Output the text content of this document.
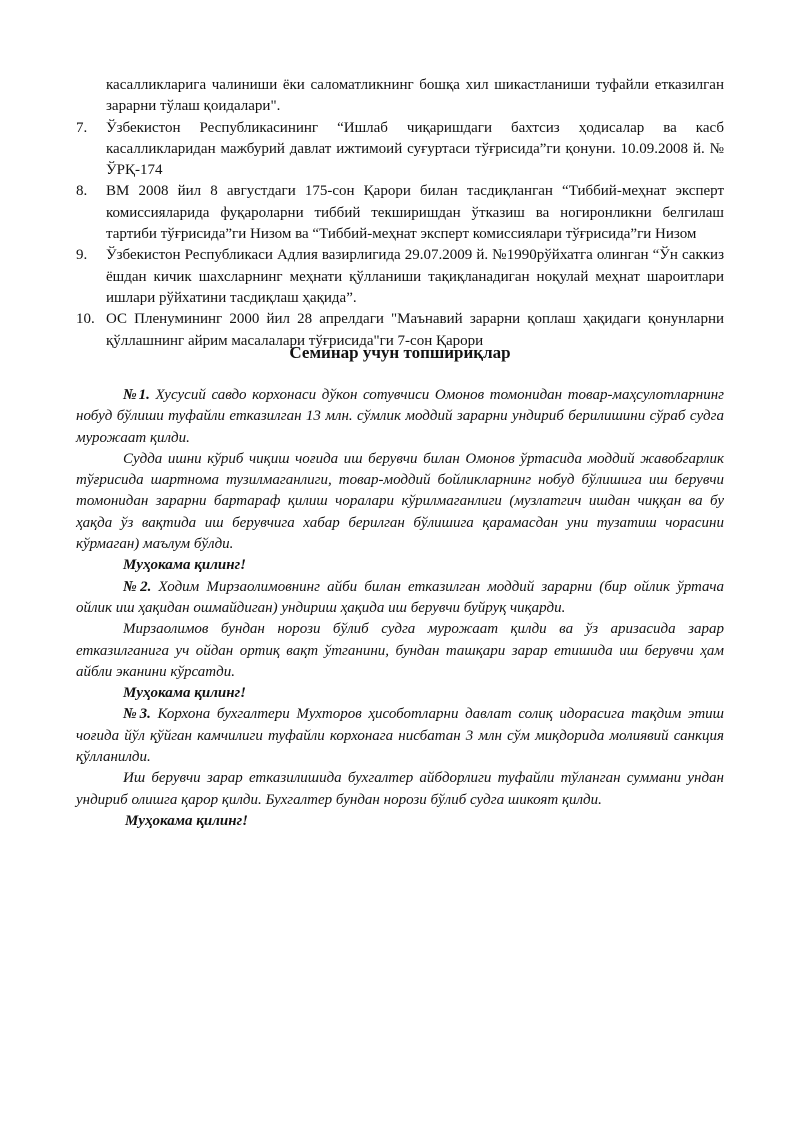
касалликларига чалиниши ёки саломатликнинг бошқа хил шикастланиши туфайли етказилган зарарни тўлаш қоидалари".
7.	Ўзбекистон Республикасининг “Ишлаб чиқаришдаги бахтсиз ҳодисалар ва касб касалликларидан мажбурий давлат ижтимоий суғуртаси тўғрисида”ги қонуни. 10.09.2008 й. № ЎРҚ-174
8.	ВМ 2008 йил 8 августдаги 175-сон Қарори билан тасдиқланган “Тиббий-меҳнат эксперт комиссияларида фуқароларни тиббий текширишдан ўтказиш ва ногиронликни белгилаш тартиби тўғрисида”ги Низом ва “Тиббий-меҳнат эксперт комиссиялари тўғрисида”ги Низом
9.	Ўзбекистон Республикаси Адлия вазирлигида 29.07.2009 й. №1990рўйхатга олинган “Ўн саккиз ёшдан кичик шахсларнинг меҳнати қўлланиши тақиқланадиган ноқулай меҳнат шароитлари ишлари рўйхатини тасдиқлаш ҳақида”.
10. ОС Пленумининг 2000 йил 28 апрелдаги "Маънавий зарарни қоплаш ҳақидаги қонунларни қўллашнинг айрим масалалари тўғрисида"ги 7-сон Қарори
Семинар учун топшириқлар

№1. Хусусий савдо корхонаси дўкон сотувчиси Омонов томонидан товар-маҳсулотларнинг нобуд бўлиши туфайли етказилган 13 млн. сўмлик моддий зарарни ундириб берилишини сўраб судга мурожаат қилди.

Судда ишни кўриб чиқиш чоғида иш берувчи билан Омонов ўртасида моддий жавобгарлик тўғрисида шартнома тузилмаганлиги, товар-моддий бойликларнинг нобуд бўлишига иш берувчи томонидан зарарни бартараф қилиш чоралари кўрилмаганлиги (музлатгич ишдан чиққан ва бу ҳақда ўз вақтида иш берувчига хабар берилган бўлишига қарамасдан уни тузатиш чорасини кўрмаган) маълум бўлди.

Муҳокама қилинг!

№2. Ходим Мирзаолимовнинг айби билан етказилган моддий зарарни (бир ойлик ўртача ойлик иш ҳақидан ошмайдиган) ундириш ҳақида иш берувчи буйруқ чиқарди.

Мирзаолимов бундан норози бўлиб судга мурожаат қилди ва ўз аризасида зарар етказилганига уч ойдан ортиқ вақт ўтганини, бундан ташқари зарар етишида иш берувчи ҳам айбли эканини кўрсатди.

Муҳокама қилинг!

№3. Корхона бухгалтери Мухторов ҳисоботларни давлат солиқ идорасига тақдим этиш чоғида йўл қўйган камчилиги туфайли корхонага нисбатан 3 млн сўм миқдорида молиявий санкция қўлланилди.

Иш берувчи зарар етказилишида бухгалтер айбдорлиги туфайли тўланган суммани ундан ундириб олишга қарор қилди. Бухгалтер бундан норози бўлиб судга шикоят қилди.

Муҳокама қилинг!
